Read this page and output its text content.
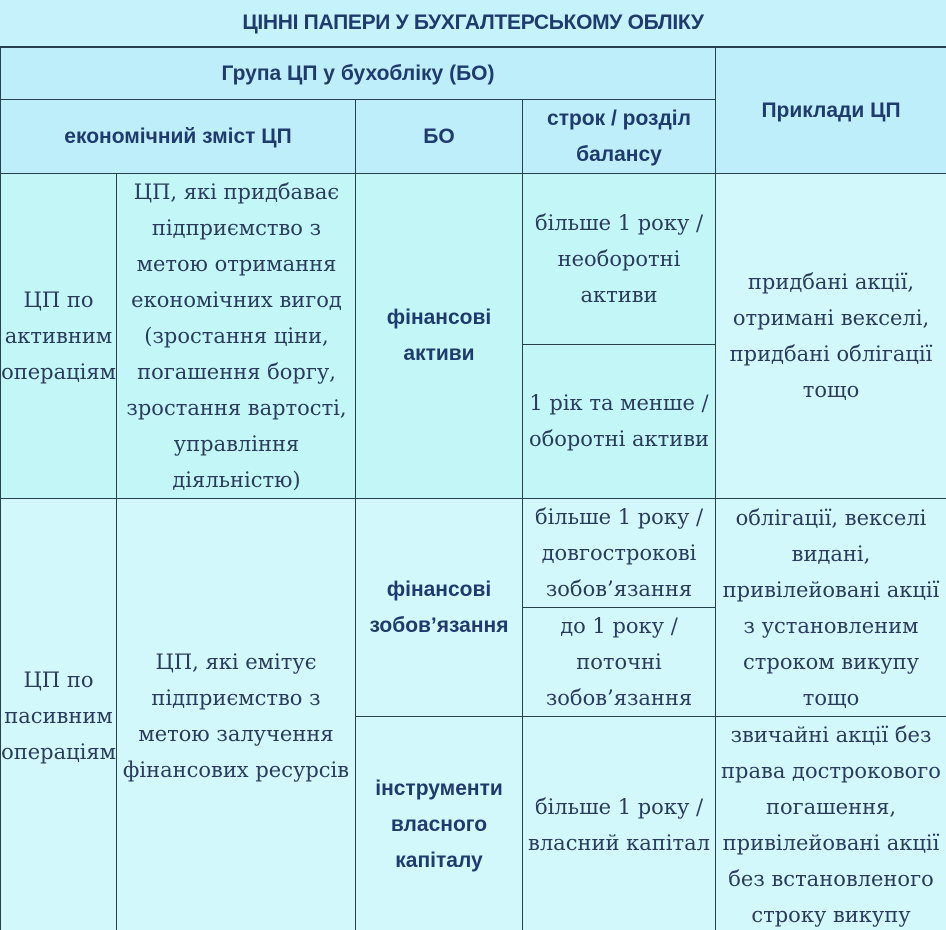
ЦІННІ ПАПЕРИ У БУХГАЛТЕРСЬКОМУ ОБЛІКУ
Група ЦП у бухобліку (БО)				Приклади ЦП
економічний зміст ЦП		БО	строк / розділ балансу	
ЦП по активним операціям	ЦП, які придбаває підприємство з метою отримання економічних вигод (зростання ціни, погашення боргу, зростання вартості, управління діяльністю)	фінансові активи	більше 1 року / необоротні активи	придбані акції, отримані векселі, придбані облігації тощо
			1 рік та менше / оборотні активи	
ЦП по пасивним операціям	ЦП, які емітує підприємство з метою залучення фінансових ресурсів	фінансові зобов’язання	більше 1 року / довгострокові зобов’язання	облігації, векселі видані, привілейовані акції з установленим строком викупу тощо
			до 1 року / поточні зобов’язання	
		інструменти власного капіталу	більше 1 року / власний капітал	звичайні акції без права дострокового погашення, привілейовані акції без встановленого строку викупу
